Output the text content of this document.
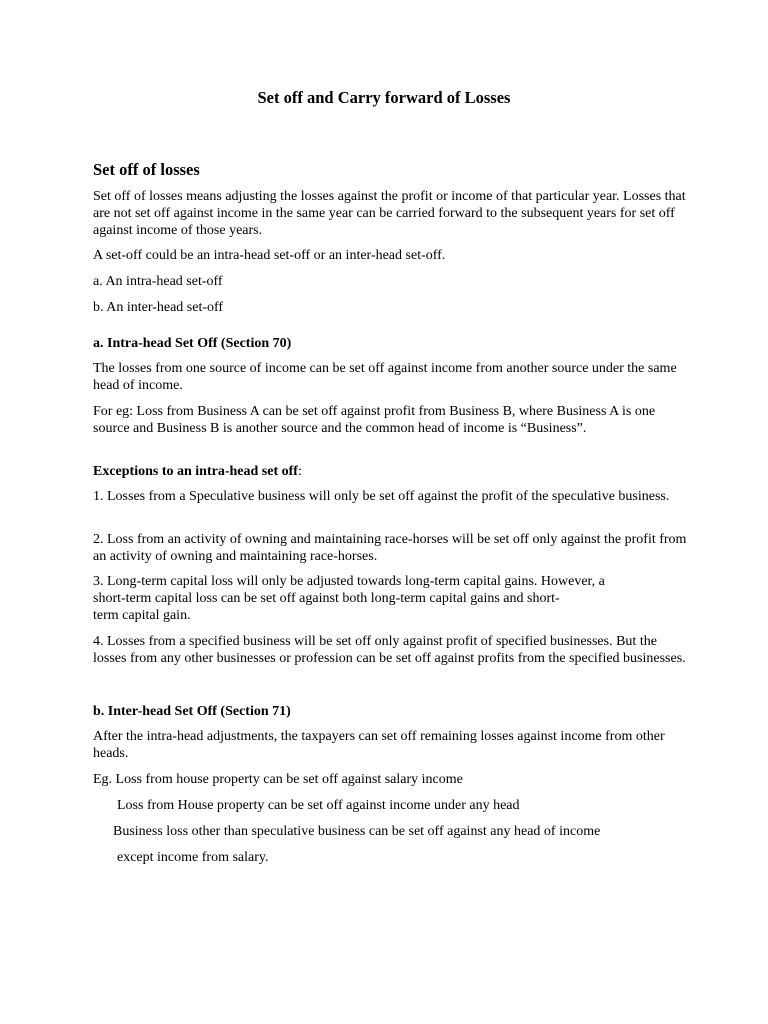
Set off and Carry forward of Losses
Set off of losses
Set off of losses means adjusting the losses against the profit or income of that particular year. Losses that are not set off against income in the same year can be carried forward to the subsequent years for set off against income of those years.
A set-off could be an intra-head set-off or an inter-head set-off.
a. An intra-head set-off
b. An inter-head set-off
a. Intra-head Set Off (Section 70)
The losses from one source of income can be set off against income from another source under the same head of income.
For eg: Loss from Business A can be set off against profit from Business B, where Business A is one source and Business B is another source and the common head of income is “Business”.
Exceptions to an intra-head set off:
1. Losses from a Speculative business will only be set off against the profit of the speculative business.
2. Loss from an activity of owning and maintaining race-horses will be set off only against the profit from an activity of owning and maintaining race-horses.
3. Long-term capital loss will only be adjusted towards long-term capital gains. However, a
short-term capital loss can be set off against both long-term capital gains and short-
term capital gain.
4. Losses from a specified business will be set off only against profit of specified businesses. But the losses from any other businesses or profession can be set off against profits from the specified businesses.
b. Inter-head Set Off (Section 71)
After the intra-head adjustments, the taxpayers can set off remaining losses against income from other heads.
Eg. Loss from house property can be set off against salary income
Loss from House property can be set off against income under any head
Business loss other than speculative business can be set off against any head of income
except income from salary.
